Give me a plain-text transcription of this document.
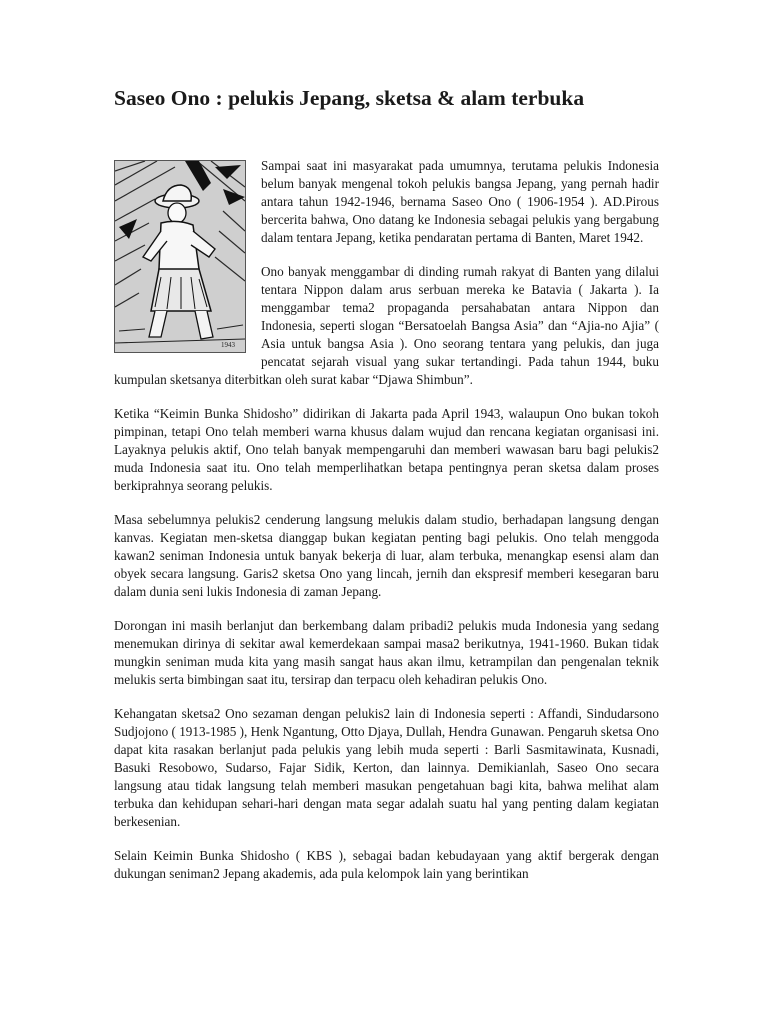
Saseo Ono : pelukis Jepang, sketsa & alam terbuka
1943

Sampai saat ini masyarakat pada umumnya, terutama pelukis Indonesia belum banyak mengenal tokoh pelukis bangsa Jepang, yang pernah hadir antara tahun 1942-1946, bernama Saseo Ono ( 1906-1954 ). AD.Pirous bercerita bahwa, Ono datang ke Indonesia sebagai pelukis yang bergabung dalam tentara Jepang, ketika pendaratan pertama di Banten, Maret 1942.

Ono banyak menggambar di dinding rumah rakyat di Banten yang dilalui tentara Nippon dalam arus serbuan mereka ke Batavia ( Jakarta ). Ia menggambar tema2 propaganda persahabatan antara Nippon dan Indonesia, seperti slogan “Bersatoelah Bangsa Asia” dan “Ajia-no Ajia” ( Asia untuk bangsa Asia ). Ono seorang tentara yang pelukis, dan juga pencatat sejarah visual yang sukar tertandingi. Pada tahun 1944, buku kumpulan sketsanya diterbitkan oleh surat kabar “Djawa Shimbun”.

Ketika “Keimin Bunka Shidosho” didirikan di Jakarta pada April 1943, walaupun Ono bukan tokoh pimpinan, tetapi Ono telah memberi warna khusus dalam wujud dan rencana kegiatan organisasi ini. Layaknya pelukis aktif, Ono telah banyak mempengaruhi dan memberi wawasan baru bagi pelukis2 muda Indonesia saat itu. Ono telah memperlihatkan betapa pentingnya peran sketsa dalam proses berkiprahnya seorang pelukis.

Masa sebelumnya pelukis2 cenderung langsung melukis dalam studio, berhadapan langsung dengan kanvas. Kegiatan men-sketsa dianggap bukan kegiatan penting bagi pelukis. Ono telah menggoda kawan2 seniman Indonesia untuk banyak bekerja di luar, alam terbuka, menangkap esensi alam dan obyek secara langsung. Garis2 sketsa Ono yang lincah, jernih dan ekspresif memberi kesegaran baru dalam dunia seni lukis Indonesia di zaman Jepang.

Dorongan ini masih berlanjut dan berkembang dalam pribadi2 pelukis muda Indonesia yang sedang menemukan dirinya di sekitar awal kemerdekaan sampai masa2 berikutnya, 1941-1960. Bukan tidak mungkin seniman muda kita yang masih sangat haus akan ilmu, ketrampilan dan pengenalan teknik melukis serta bimbingan saat itu, tersirap dan terpacu oleh kehadiran pelukis Ono.

Kehangatan sketsa2 Ono sezaman dengan pelukis2 lain di Indonesia seperti : Affandi, Sindudarsono Sudjojono ( 1913-1985 ), Henk Ngantung, Otto Djaya, Dullah, Hendra Gunawan. Pengaruh sketsa Ono dapat kita rasakan berlanjut pada pelukis yang lebih muda seperti : Barli Sasmitawinata, Kusnadi, Basuki Resobowo, Sudarso, Fajar Sidik, Kerton, dan lainnya. Demikianlah, Saseo Ono secara langsung atau tidak langsung telah memberi masukan pengetahuan bagi kita, bahwa melihat alam terbuka dan kehidupan sehari-hari dengan mata segar adalah suatu hal yang penting dalam kegiatan berkesenian.

Selain Keimin Bunka Shidosho ( KBS ), sebagai badan kebudayaan yang aktif bergerak dengan dukungan seniman2 Jepang akademis, ada pula kelompok lain yang berintikan
